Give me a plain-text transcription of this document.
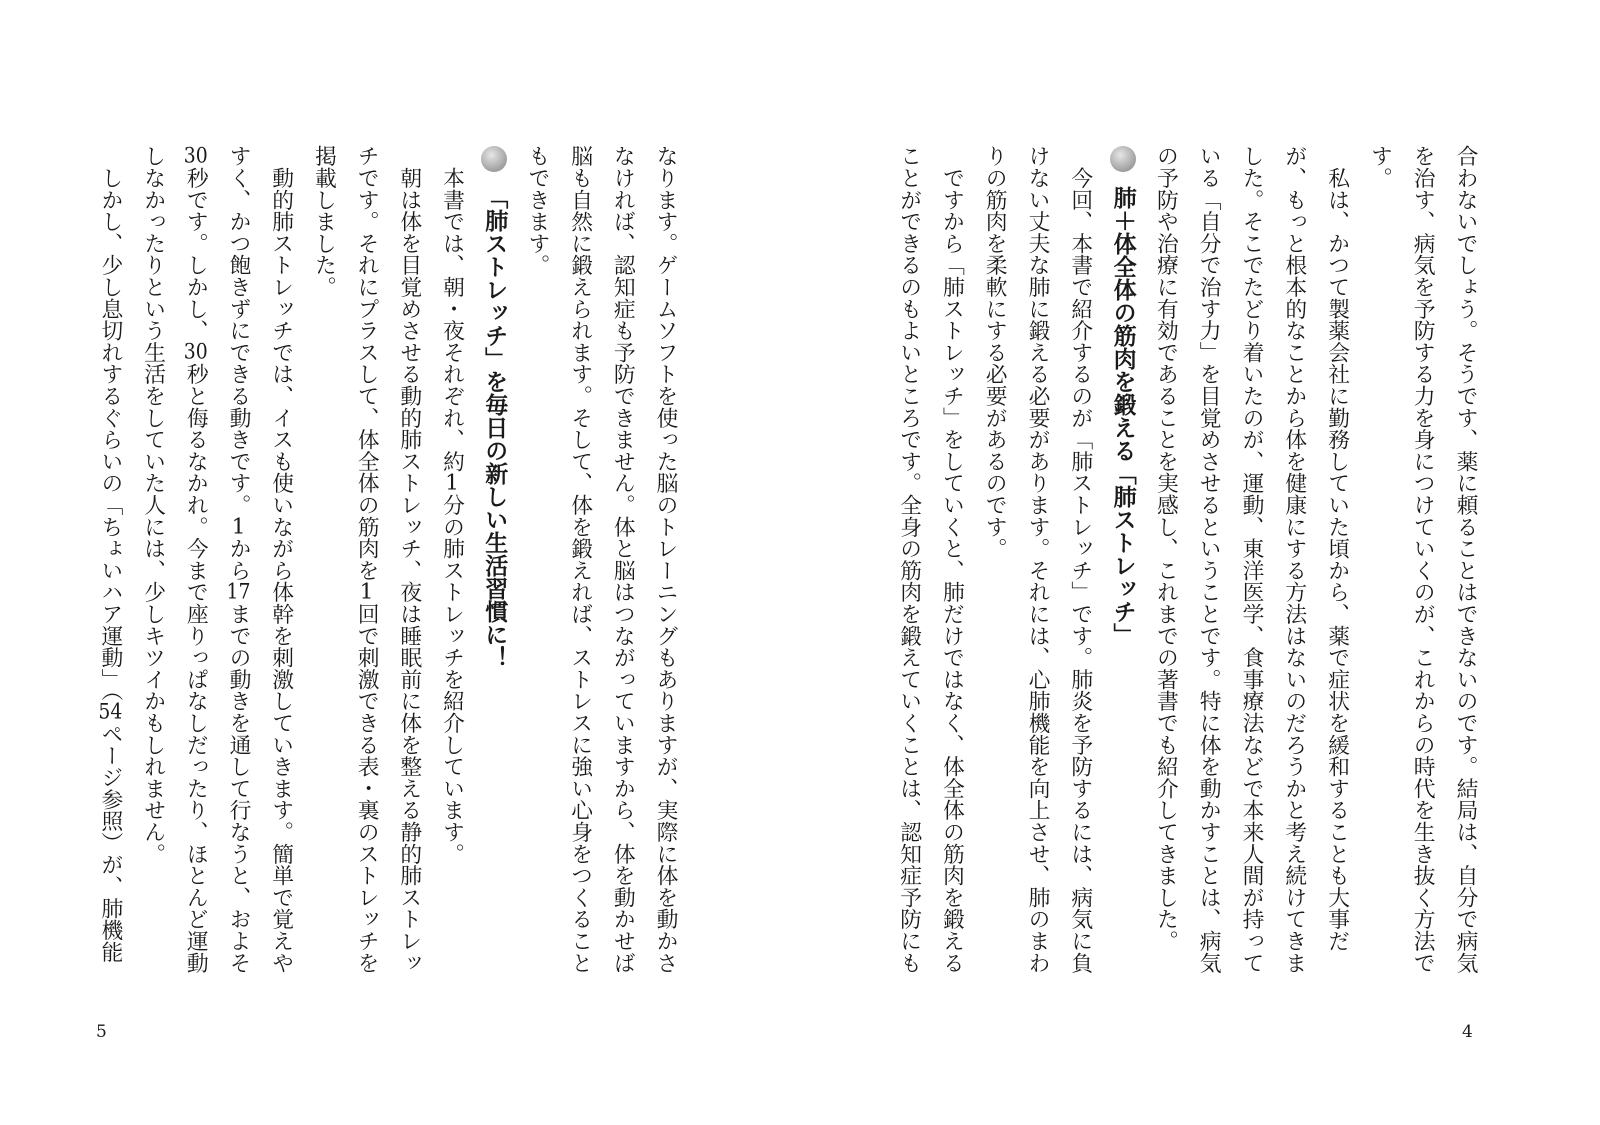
4
合わないでしょう。そうです、薬に頼ることはできないのです。結局は、自分で病気
を治す、病気を予防する力を身につけていくのが、これからの時代を生き抜く方法で
す。
　私は、かつて製薬会社に勤務していた頃から、薬で症状を緩和することも大事だ
が、もっと根本的なことから体を健康にする方法はないのだろうかと考え続けてきま
した。そこでたどり着いたのが、運動、東洋医学、食事療法などで本来人間が持って
いる「自分で治す力」を目覚めさせるということです。特に体を動かすことは、病気
の予防や治療に有効であることを実感し、これまでの著書でも紹介してきました。
肺＋体全体の筋肉を鍛える「肺ストレッチ」
　今回、本書で紹介するのが「肺ストレッチ」です。肺炎を予防するには、病気に負
けない丈夫な肺に鍛える必要があります。それには、心肺機能を向上させ、肺のまわ
りの筋肉を柔軟にする必要があるのです。
　ですから「肺ストレッチ」をしていくと、肺だけではなく、体全体の筋肉を鍛える
ことができるのもよいところです。全身の筋肉を鍛えていくことは、認知症予防にも
5
なります。ゲームソフトを使った脳のトレーニングもありますが、実際に体を動かさ
なければ、認知症も予防できません。体と脳はつながっていますから、体を動かせば
脳も自然に鍛えられます。そして、体を鍛えれば、ストレスに強い心身をつくること
もできます。
「肺ストレッチ」を毎日の新しい生活習慣に！
　本書では、朝・夜それぞれ、約1分の肺ストレッチを紹介しています。
　朝は体を目覚めさせる動的肺ストレッチ、夜は睡眠前に体を整える静的肺ストレッ
チです。それにプラスして、体全体の筋肉を1回で刺激できる表・裏のストレッチを
掲載しました。
　動的肺ストレッチでは、イスも使いながら体幹を刺激していきます。簡単で覚えや
すく、かつ飽きずにできる動きです。1から17までの動きを通して行なうと、およそ
30秒です。しかし、30秒と侮るなかれ。今まで座りっぱなしだったり、ほとんど運動
しなかったりという生活をしていた人には、少しキツイかもしれません。
　しかし、少し息切れするぐらいの「ちょいハア運動」（54ページ参照）が、肺機能
